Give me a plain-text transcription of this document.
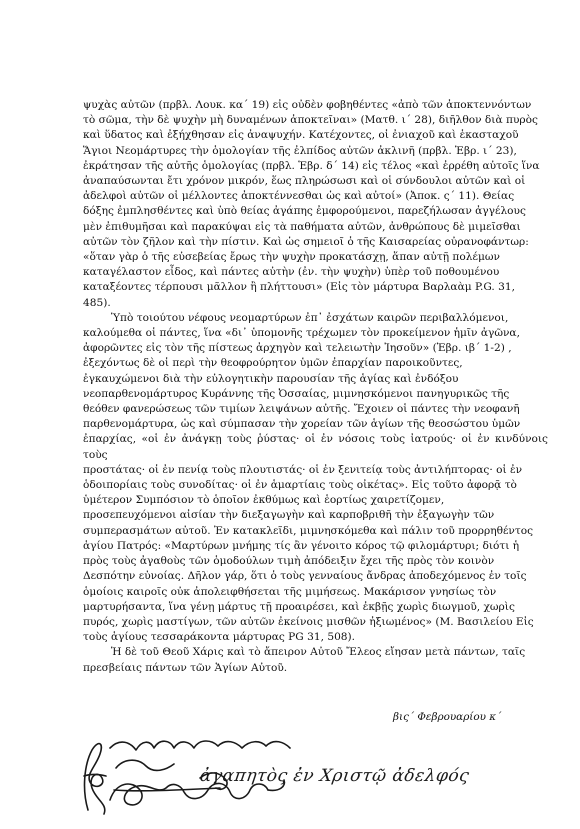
ψυχὰς αὐτῶν (πρβλ. Λουκ. κα΄ 19) εἰς οὐδὲν φοβηθέντες «ἀπὸ τῶν ἀποκτεννόντων
τὸ σῶμα, τὴν δὲ ψυχὴν μὴ δυναμένων ἀποκτεῖναι» (Ματθ. ι΄ 28), διῆλθον διὰ πυρὸς
καὶ ὕδατος καὶ ἐξήχθησαν εἰς ἀναψυχήν. Κατέχοντες, οἱ ἐνιαχοῦ καὶ ἑκασταχοῦ
Ἅγιοι Νεομάρτυρες τὴν ὁμολογίαν τῆς ἐλπίδος αὐτῶν ἀκλινῆ (πρβλ. Ἑβρ. ι΄ 23),
ἐκράτησαν τῆς αὐτῆς ὁμολογίας (πρβλ. Ἑβρ. δ΄ 14) εἰς τέλος «καὶ ἐρρέθη αὐτοῖς ἵνα
ἀναπαύσωνται ἔτι χρόνον μικρόν, ἕως πληρώσωσι καὶ οἱ σύνδουλοι αὐτῶν καὶ οἱ
ἀδελφοὶ αὐτῶν οἱ μέλλοντες ἀποκτέννεσθαι ὡς καὶ αὐτοί» (Ἀποκ. ς΄ 11). Θείας
δόξης ἐμπλησθέντες καὶ ὑπὸ θείας ἀγάπης ἐμφορούμενοι, παρεζήλωσαν ἀγγέλους
μὲν ἐπιθυμῆσαι καὶ παρακύψαι εἰς τὰ παθήματα αὐτῶν, ἀνθρώπους δὲ μιμεῖσθαι
αὐτῶν τὸν ζῆλον καὶ τὴν πίστιν. Καὶ ὡς σημειοῖ ὁ τῆς Καισαρείας οὐρανοφάντωρ:
«ὅταν γὰρ ὁ τῆς εὐσεβείας ἔρως τὴν ψυχὴν προκατάσχῃ, ἅπαν αὐτῇ πολέμων
καταγέλαστον εἶδος, καὶ πάντες αὐτὴν (ἐν. τὴν ψυχὴν) ὑπὲρ τοῦ ποθουμένου
καταξέοντες τέρπουσι μᾶλλον ἢ πλήττουσι» (Εἰς τὸν μάρτυρα Βαρλαὰμ P.G. 31,
485).

Ὑπὸ τοιούτου νέφους νεομαρτύρων ἐπ᾽ ἐσχάτων καιρῶν περιβαλλόμενοι,
καλούμεθα οἱ πάντες, ἵνα «δι᾽ ὑπομονῆς τρέχωμεν τὸν προκείμενον ἡμῖν ἀγῶνα,
ἀφορῶντες εἰς τὸν τῆς πίστεως ἀρχηγὸν καὶ τελειωτὴν Ἰησοῦν» (Ἑβρ. ιβ΄ 1-2) ,
ἐξεχόντως δὲ οἱ περὶ τὴν θεοφρούρητον ὑμῶν ἐπαρχίαν παροικοῦντες,
ἐγκαυχώμενοι διὰ τὴν εὐλογητικὴν παρουσίαν τῆς ἁγίας καὶ ἐνδόξου
νεοπαρθενομάρτυρος Κυράννης τῆς Ὀσσαίας, μιμνησκόμενοι πανηγυρικῶς τῆς
θεόθεν φανερώσεως τῶν τιμίων λειψάνων αὐτῆς. Ἔχοιεν οἱ πάντες τὴν νεοφανῆ
παρθενομάρτυρα, ὡς καὶ σύμπασαν τὴν χορείαν τῶν ἁγίων τῆς θεοσώστου ὑμῶν
ἐπαρχίας, «οἱ ἐν ἀνάγκῃ τοὺς ῥύστας· οἱ ἐν νόσοις τοὺς ἰατρούς· οἱ ἐν κινδύνοις τοὺς
προστάτας· οἱ ἐν πενίᾳ τοὺς πλουτιστάς· οἱ ἐν ξενιτείᾳ τοὺς ἀντιλήπτορας· οἱ ἐν
ὁδοιπορίαις τοὺς συνοδίτας· οἱ ἐν ἁμαρτίαις τοὺς οἰκέτας». Εἰς τοῦτο ἀφορᾷ τὸ
ὑμέτερον Συμπόσιον τὸ ὁποῖον ἐκθύμως καὶ ἑορτίως χαιρετίζομεν,
προσεπευχόμενοι αἰσίαν τὴν διεξαγωγὴν καὶ καρποβριθῆ τὴν ἐξαγωγὴν τῶν
συμπερασμάτων αὐτοῦ. Ἐν κατακλεῖδι, μιμνησκόμεθα καὶ πάλιν τοῦ προρρηθέντος
ἁγίου Πατρός: «Μαρτύρων μνήμης τίς ἂν γένοιτο κόρος τῷ φιλομάρτυρι; διότι ἡ
πρὸς τοὺς ἀγαθοὺς τῶν ὁμοδούλων τιμὴ ἀπόδειξιν ἔχει τῆς πρὸς τὸν κοινὸν
Δεσπότην εὐνοίας. Δῆλον γάρ, ὅτι ὁ τοὺς γενναίους ἄνδρας ἀποδεχόμενος ἐν τοῖς
ὁμοίοις καιροῖς οὐκ ἀπολειφθήσεται τῆς μιμήσεως. Μακάρισον γνησίως τὸν
μαρτυρήσαντα, ἵνα γένῃ μάρτυς τῇ προαιρέσει, καὶ ἐκβῇς χωρὶς διωγμοῦ, χωρὶς
πυρός, χωρὶς μαστίγων, τῶν αὐτῶν ἐκείνοις μισθῶν ἠξιωμένος» (Μ. Βασιλείου Εἰς
τοὺς ἁγίους τεσσαράκοντα μάρτυρας PG 31, 508).

Ἡ δὲ τοῦ Θεοῦ Χάρις καὶ τὸ ἄπειρον Αὐτοῦ Ἔλεος εἴησαν μετὰ πάντων, ταῖς
πρεσβείαις πάντων τῶν Ἁγίων Αὐτοῦ.

βις΄ Φεβρουαρίου κ΄
ἀγαπητὸς ἐν Χριστῷ ἀδελφός
